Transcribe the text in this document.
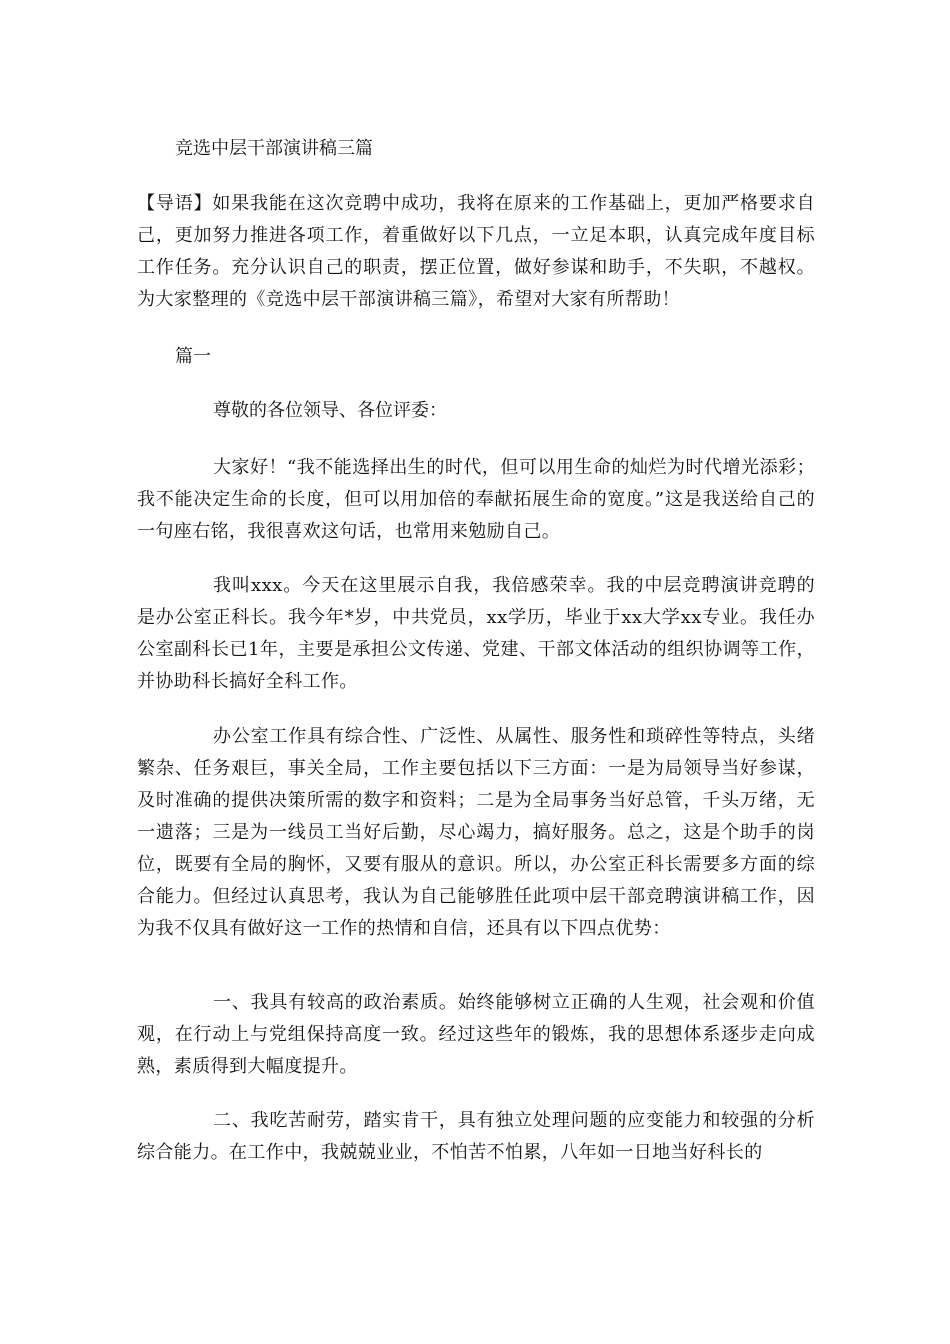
竞选中层干部演讲稿三篇
【导语】如果我能在这次竞聘中成功，我将在原来的工作基础上，更加严格要求自己，更加努力推进各项工作，着重做好以下几点，一立足本职，认真完成年度目标工作任务。充分认识自己的职责，摆正位置，做好参谋和助手，不失职，不越权。为大家整理的《竞选中层干部演讲稿三篇》，希望对大家有所帮助！
篇一
尊敬的各位领导、各位评委：
大家好！“我不能选择出生的时代，但可以用生命的灿烂为时代增光添彩；我不能决定生命的长度，但可以用加倍的奉献拓展生命的宽度。”这是我送给自己的一句座右铭，我很喜欢这句话，也常用来勉励自己。
我叫xxx。今天在这里展示自我，我倍感荣幸。我的中层竞聘演讲竞聘的是办公室正科长。我今年*岁，中共党员，xx学历，毕业于xx大学xx专业。我任办公室副科长已1年，主要是承担公文传递、党建、干部文体活动的组织协调等工作，并协助科长搞好全科工作。
办公室工作具有综合性、广泛性、从属性、服务性和琐碎性等特点，头绪繁杂、任务艰巨，事关全局，工作主要包括以下三方面：一是为局领导当好参谋，及时准确的提供决策所需的数字和资料；二是为全局事务当好总管，千头万绪，无一遗落；三是为一线员工当好后勤，尽心竭力，搞好服务。总之，这是个助手的岗位，既要有全局的胸怀，又要有服从的意识。所以，办公室正科长需要多方面的综合能力。但经过认真思考，我认为自己能够胜任此项中层干部竞聘演讲稿工作，因为我不仅具有做好这一工作的热情和自信，还具有以下四点优势：
一、我具有较高的政治素质。始终能够树立正确的人生观，社会观和价值观，在行动上与党组保持高度一致。经过这些年的锻炼，我的思想体系逐步走向成熟，素质得到大幅度提升。
二、我吃苦耐劳，踏实肯干，具有独立处理问题的应变能力和较强的分析综合能力。在工作中，我兢兢业业，不怕苦不怕累，八年如一日地当好科长的
